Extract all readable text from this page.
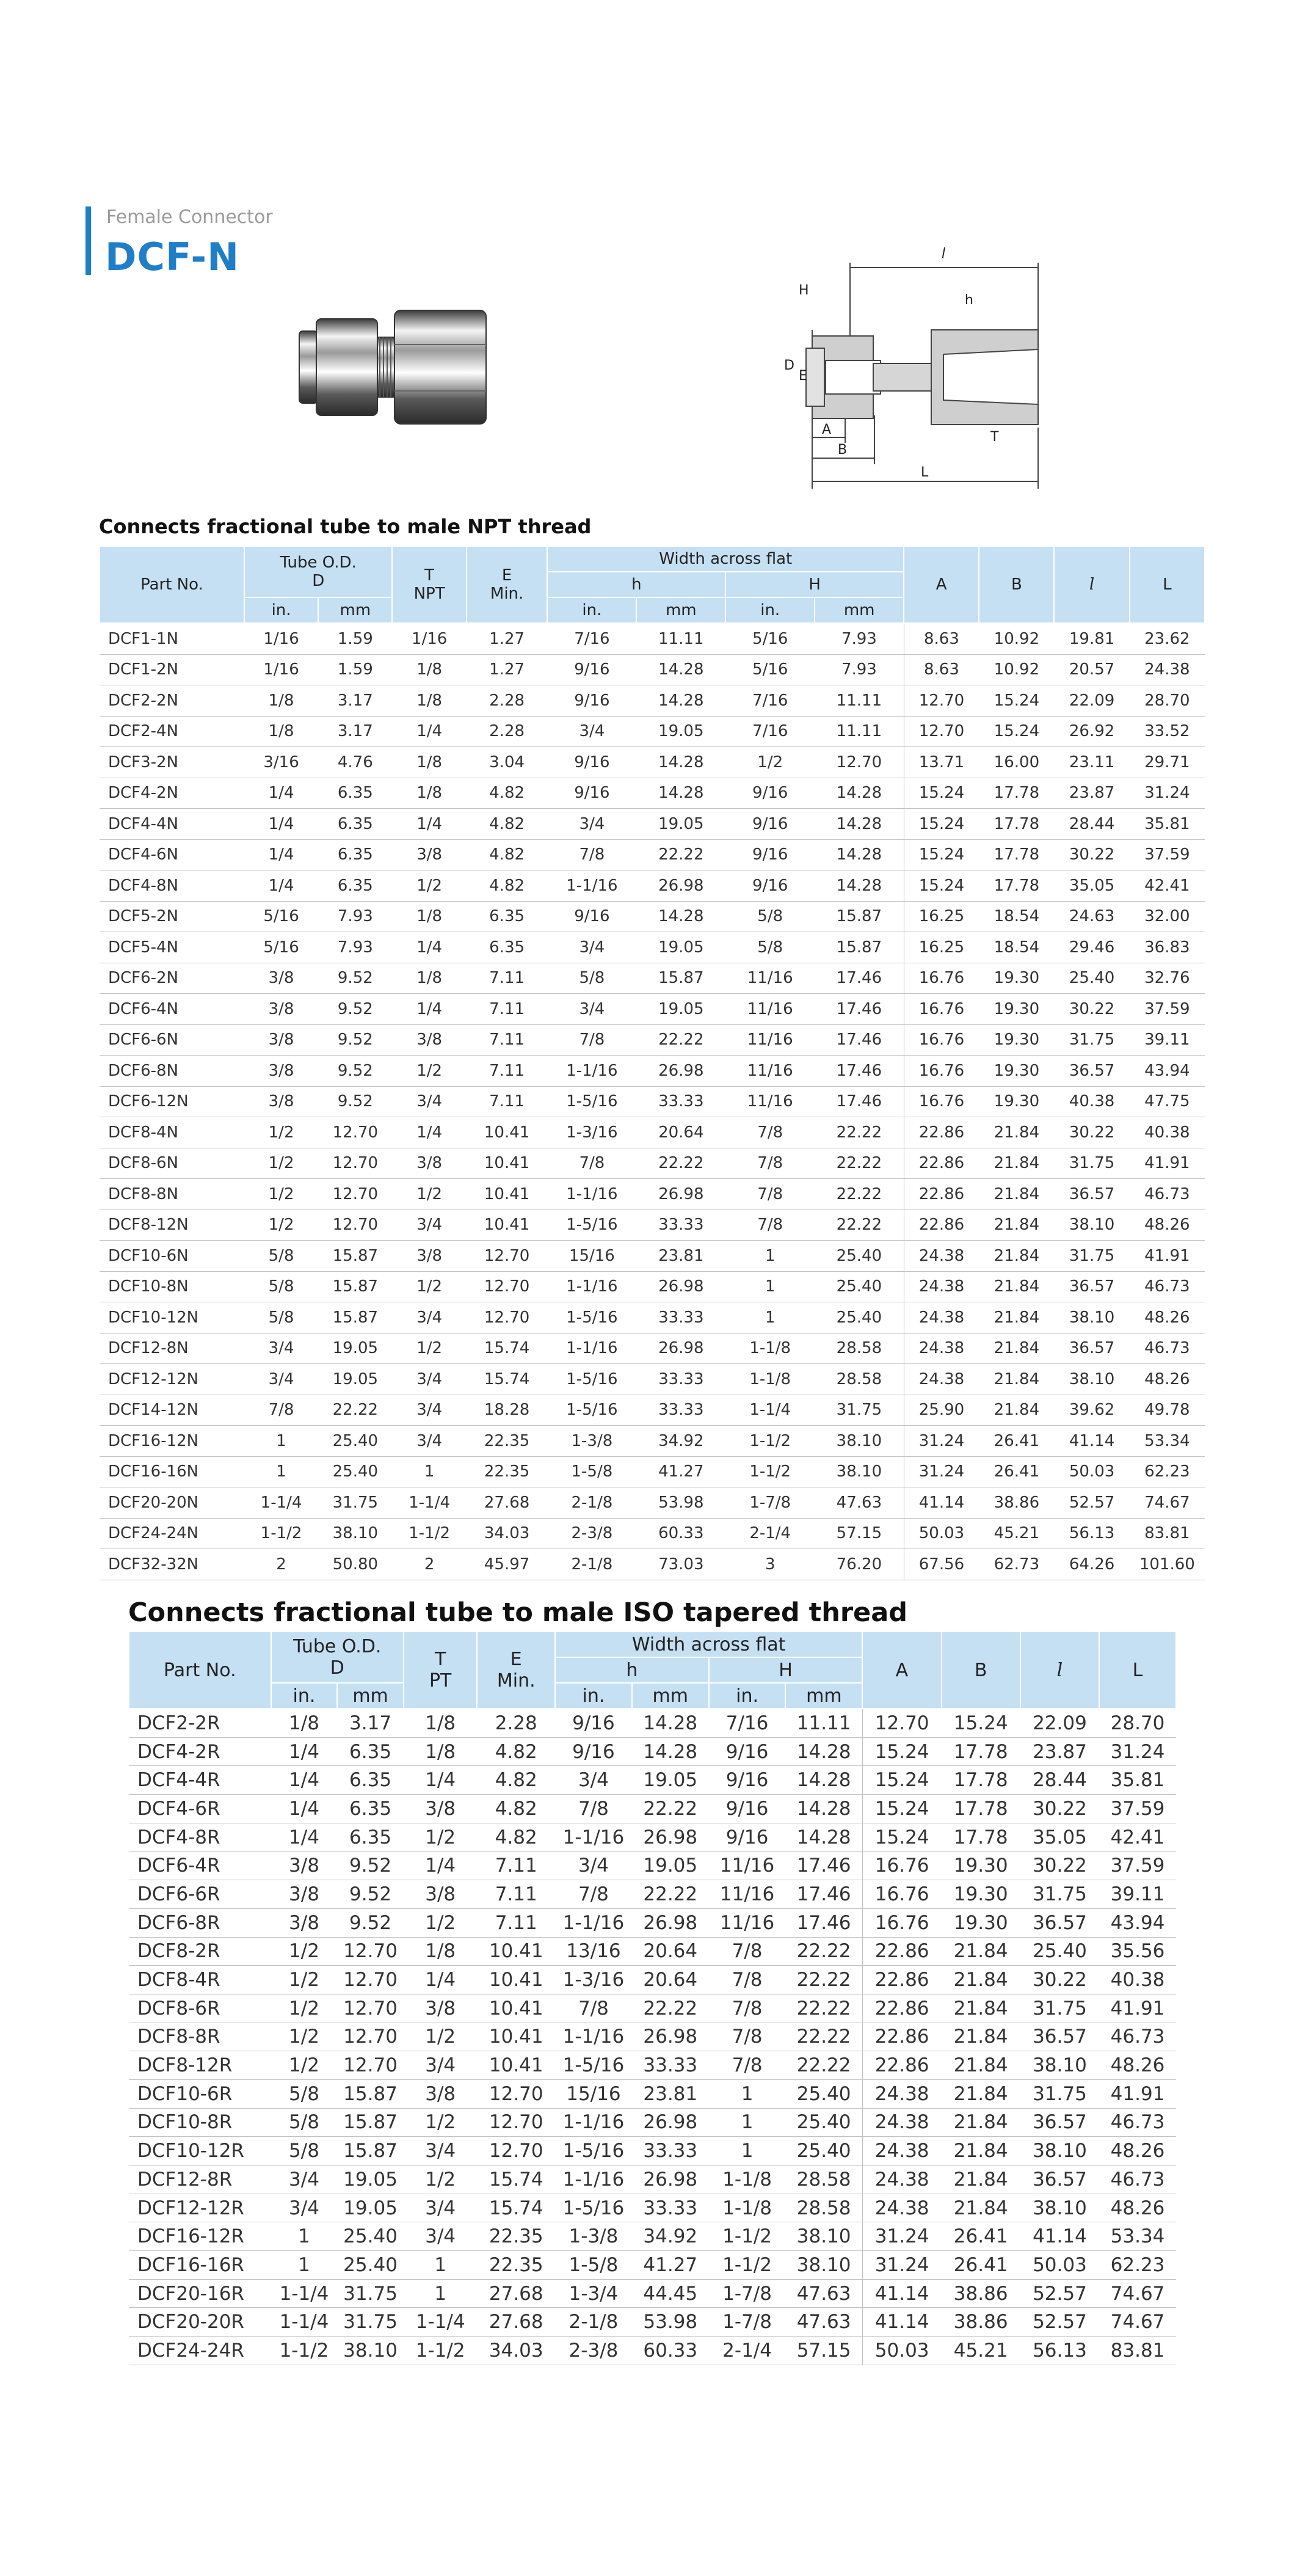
Female Connector
DCF-N	l
h
H
D
E
A
B
T
L
Connects fractional tube to male NPT thread
Part No.	Tube O.D.
D		T
NPT	E
Min.	Width across flat				A	B	l	L
					h		H					
	in.	mm			in.	mm	in.	mm				
DCF1-1N	1/16	1.59	1/16	1.27	7/16	11.11	5/16	7.93	8.63	10.92	19.81	23.62
DCF1-2N	1/16	1.59	1/8	1.27	9/16	14.28	5/16	7.93	8.63	10.92	20.57	24.38
DCF2-2N	1/8	3.17	1/8	2.28	9/16	14.28	7/16	11.11	12.70	15.24	22.09	28.70
DCF2-4N	1/8	3.17	1/4	2.28	3/4	19.05	7/16	11.11	12.70	15.24	26.92	33.52
DCF3-2N	3/16	4.76	1/8	3.04	9/16	14.28	1/2	12.70	13.71	16.00	23.11	29.71
DCF4-2N	1/4	6.35	1/8	4.82	9/16	14.28	9/16	14.28	15.24	17.78	23.87	31.24
DCF4-4N	1/4	6.35	1/4	4.82	3/4	19.05	9/16	14.28	15.24	17.78	28.44	35.81
DCF4-6N	1/4	6.35	3/8	4.82	7/8	22.22	9/16	14.28	15.24	17.78	30.22	37.59
DCF4-8N	1/4	6.35	1/2	4.82	1-1/16	26.98	9/16	14.28	15.24	17.78	35.05	42.41
DCF5-2N	5/16	7.93	1/8	6.35	9/16	14.28	5/8	15.87	16.25	18.54	24.63	32.00
DCF5-4N	5/16	7.93	1/4	6.35	3/4	19.05	5/8	15.87	16.25	18.54	29.46	36.83
DCF6-2N	3/8	9.52	1/8	7.11	5/8	15.87	11/16	17.46	16.76	19.30	25.40	32.76
DCF6-4N	3/8	9.52	1/4	7.11	3/4	19.05	11/16	17.46	16.76	19.30	30.22	37.59
DCF6-6N	3/8	9.52	3/8	7.11	7/8	22.22	11/16	17.46	16.76	19.30	31.75	39.11
DCF6-8N	3/8	9.52	1/2	7.11	1-1/16	26.98	11/16	17.46	16.76	19.30	36.57	43.94
DCF6-12N	3/8	9.52	3/4	7.11	1-5/16	33.33	11/16	17.46	16.76	19.30	40.38	47.75
DCF8-4N	1/2	12.70	1/4	10.41	1-3/16	20.64	7/8	22.22	22.86	21.84	30.22	40.38
DCF8-6N	1/2	12.70	3/8	10.41	7/8	22.22	7/8	22.22	22.86	21.84	31.75	41.91
DCF8-8N	1/2	12.70	1/2	10.41	1-1/16	26.98	7/8	22.22	22.86	21.84	36.57	46.73
DCF8-12N	1/2	12.70	3/4	10.41	1-5/16	33.33	7/8	22.22	22.86	21.84	38.10	48.26
DCF10-6N	5/8	15.87	3/8	12.70	15/16	23.81	1	25.40	24.38	21.84	31.75	41.91
DCF10-8N	5/8	15.87	1/2	12.70	1-1/16	26.98	1	25.40	24.38	21.84	36.57	46.73
DCF10-12N	5/8	15.87	3/4	12.70	1-5/16	33.33	1	25.40	24.38	21.84	38.10	48.26
DCF12-8N	3/4	19.05	1/2	15.74	1-1/16	26.98	1-1/8	28.58	24.38	21.84	36.57	46.73
DCF12-12N	3/4	19.05	3/4	15.74	1-5/16	33.33	1-1/8	28.58	24.38	21.84	38.10	48.26
DCF14-12N	7/8	22.22	3/4	18.28	1-5/16	33.33	1-1/4	31.75	25.90	21.84	39.62	49.78
DCF16-12N	1	25.40	3/4	22.35	1-3/8	34.92	1-1/2	38.10	31.24	26.41	41.14	53.34
DCF16-16N	1	25.40	1	22.35	1-5/8	41.27	1-1/2	38.10	31.24	26.41	50.03	62.23
DCF20-20N	1-1/4	31.75	1-1/4	27.68	2-1/8	53.98	1-7/8	47.63	41.14	38.86	52.57	74.67
DCF24-24N	1-1/2	38.10	1-1/2	34.03	2-3/8	60.33	2-1/4	57.15	50.03	45.21	56.13	83.81
DCF32-32N	2	50.80	2	45.97	2-1/8	73.03	3	76.20	67.56	62.73	64.26	101.60
Connects fractional tube to male ISO tapered thread
Part No.	Tube O.D.
D		T
PT	E
Min.	Width across flat				A	B	l	L
					h		H					
	in.	mm			in.	mm	in.	mm				
DCF2-2R	1/8	3.17	1/8	2.28	9/16	14.28	7/16	11.11	12.70	15.24	22.09	28.70
DCF4-2R	1/4	6.35	1/8	4.82	9/16	14.28	9/16	14.28	15.24	17.78	23.87	31.24
DCF4-4R	1/4	6.35	1/4	4.82	3/4	19.05	9/16	14.28	15.24	17.78	28.44	35.81
DCF4-6R	1/4	6.35	3/8	4.82	7/8	22.22	9/16	14.28	15.24	17.78	30.22	37.59
DCF4-8R	1/4	6.35	1/2	4.82	1-1/16	26.98	9/16	14.28	15.24	17.78	35.05	42.41
DCF6-4R	3/8	9.52	1/4	7.11	3/4	19.05	11/16	17.46	16.76	19.30	30.22	37.59
DCF6-6R	3/8	9.52	3/8	7.11	7/8	22.22	11/16	17.46	16.76	19.30	31.75	39.11
DCF6-8R	3/8	9.52	1/2	7.11	1-1/16	26.98	11/16	17.46	16.76	19.30	36.57	43.94
DCF8-2R	1/2	12.70	1/8	10.41	13/16	20.64	7/8	22.22	22.86	21.84	25.40	35.56
DCF8-4R	1/2	12.70	1/4	10.41	1-3/16	20.64	7/8	22.22	22.86	21.84	30.22	40.38
DCF8-6R	1/2	12.70	3/8	10.41	7/8	22.22	7/8	22.22	22.86	21.84	31.75	41.91
DCF8-8R	1/2	12.70	1/2	10.41	1-1/16	26.98	7/8	22.22	22.86	21.84	36.57	46.73
DCF8-12R	1/2	12.70	3/4	10.41	1-5/16	33.33	7/8	22.22	22.86	21.84	38.10	48.26
DCF10-6R	5/8	15.87	3/8	12.70	15/16	23.81	1	25.40	24.38	21.84	31.75	41.91
DCF10-8R	5/8	15.87	1/2	12.70	1-1/16	26.98	1	25.40	24.38	21.84	36.57	46.73
DCF10-12R	5/8	15.87	3/4	12.70	1-5/16	33.33	1	25.40	24.38	21.84	38.10	48.26
DCF12-8R	3/4	19.05	1/2	15.74	1-1/16	26.98	1-1/8	28.58	24.38	21.84	36.57	46.73
DCF12-12R	3/4	19.05	3/4	15.74	1-5/16	33.33	1-1/8	28.58	24.38	21.84	38.10	48.26
DCF16-12R	1	25.40	3/4	22.35	1-3/8	34.92	1-1/2	38.10	31.24	26.41	41.14	53.34
DCF16-16R	1	25.40	1	22.35	1-5/8	41.27	1-1/2	38.10	31.24	26.41	50.03	62.23
DCF20-16R	1-1/4	31.75	1	27.68	1-3/4	44.45	1-7/8	47.63	41.14	38.86	52.57	74.67
DCF20-20R	1-1/4	31.75	1-1/4	27.68	2-1/8	53.98	1-7/8	47.63	41.14	38.86	52.57	74.67
DCF24-24R	1-1/2	38.10	1-1/2	34.03	2-3/8	60.33	2-1/4	57.15	50.03	45.21	56.13	83.81
